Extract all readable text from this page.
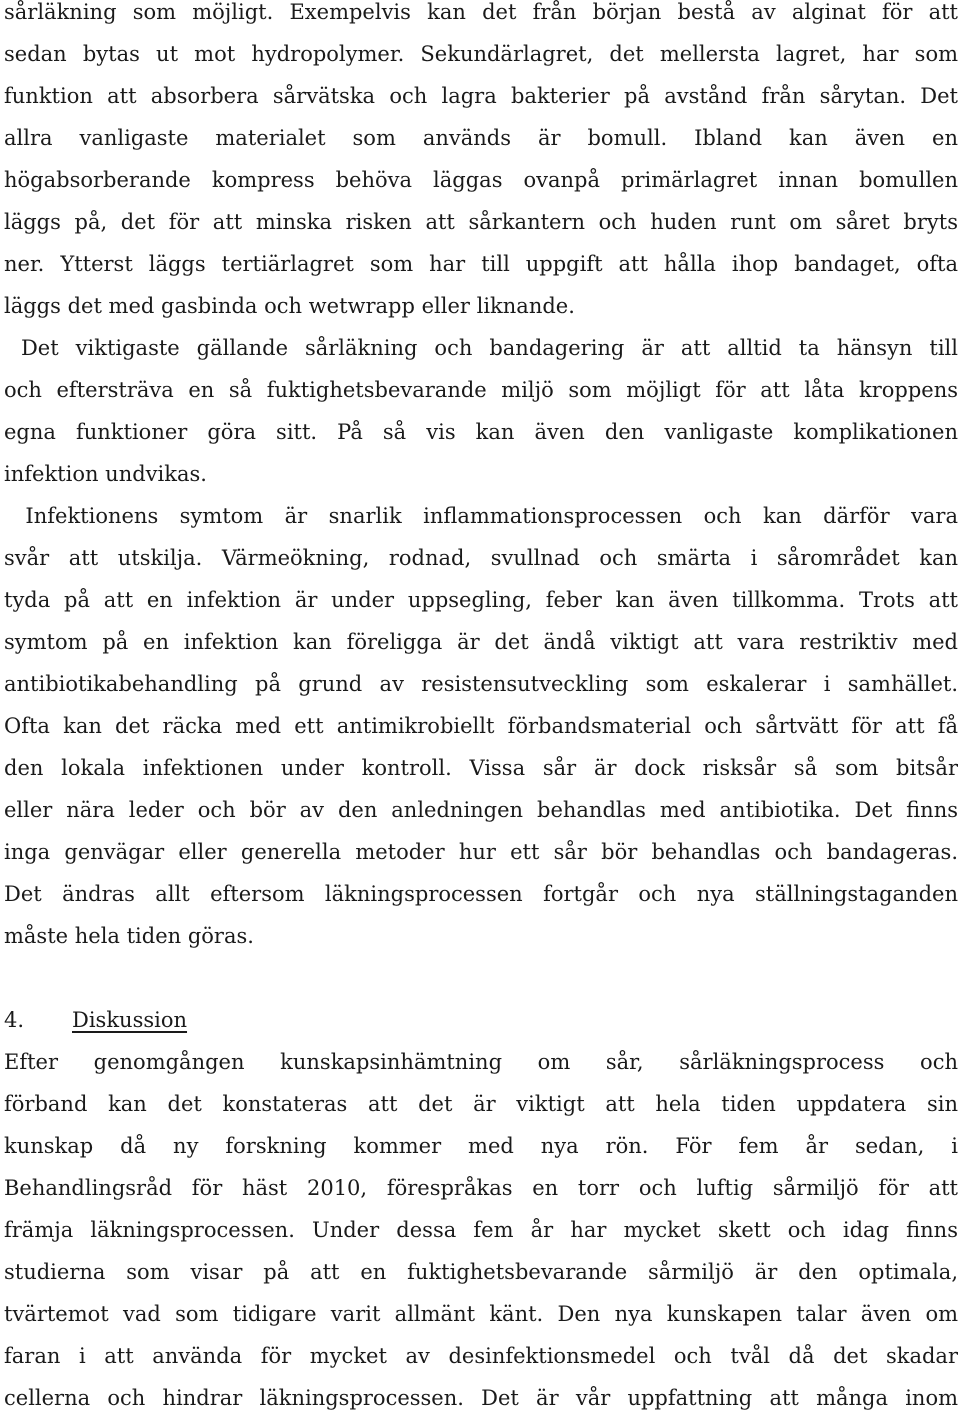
sårläkning som möjligt. Exempelvis kan det från början bestå av alginat för att
sedan bytas ut mot hydropolymer. Sekundärlagret, det mellersta lagret, har som
funktion att absorbera sårvätska och lagra bakterier på avstånd från sårytan. Det
allra vanligaste materialet som används är bomull. Ibland kan även en
högabsorberande kompress behöva läggas ovanpå primärlagret innan bomullen
läggs på, det för att minska risken att sårkantern och huden runt om såret bryts
ner. Ytterst läggs tertiärlagret som har till uppgift att hålla ihop bandaget, ofta
läggs det med gasbinda och wetwrapp eller liknande.
Det viktigaste gällande sårläkning och bandagering är att alltid ta hänsyn till
och eftersträva en så fuktighetsbevarande miljö som möjligt för att låta kroppens
egna funktioner göra sitt. På så vis kan även den vanligaste komplikationen
infektion undvikas.
Infektionens symtom är snarlik inflammationsprocessen och kan därför vara
svår att utskilja. Värmeökning, rodnad, svullnad och smärta i sårområdet kan
tyda på att en infektion är under uppsegling, feber kan även tillkomma. Trots att
symtom på en infektion kan föreligga är det ändå viktigt att vara restriktiv med
antibiotikabehandling på grund av resistensutveckling som eskalerar i samhället.
Ofta kan det räcka med ett antimikrobiellt förbandsmaterial och sårtvätt för att få
den lokala infektionen under kontroll. Vissa sår är dock risksår så som bitsår
eller nära leder och bör av den anledningen behandlas med antibiotika. Det finns
inga genvägar eller generella metoder hur ett sår bör behandlas och bandageras.
Det ändras allt eftersom läkningsprocessen fortgår och nya ställningstaganden
måste hela tiden göras.
4. Diskussion
Efter genomgången kunskapsinhämtning om sår, sårläkningsprocess och
förband kan det konstateras att det är viktigt att hela tiden uppdatera sin
kunskap då ny forskning kommer med nya rön. För fem år sedan, i
Behandlingsråd för häst 2010, förespråkas en torr och luftig sårmiljö för att
främja läkningsprocessen. Under dessa fem år har mycket skett och idag finns
studierna som visar på att en fuktighetsbevarande sårmiljö är den optimala,
tvärtemot vad som tidigare varit allmänt känt. Den nya kunskapen talar även om
faran i att använda för mycket av desinfektionsmedel och tvål då det skadar
cellerna och hindrar läkningsprocessen. Det är vår uppfattning att många inom
